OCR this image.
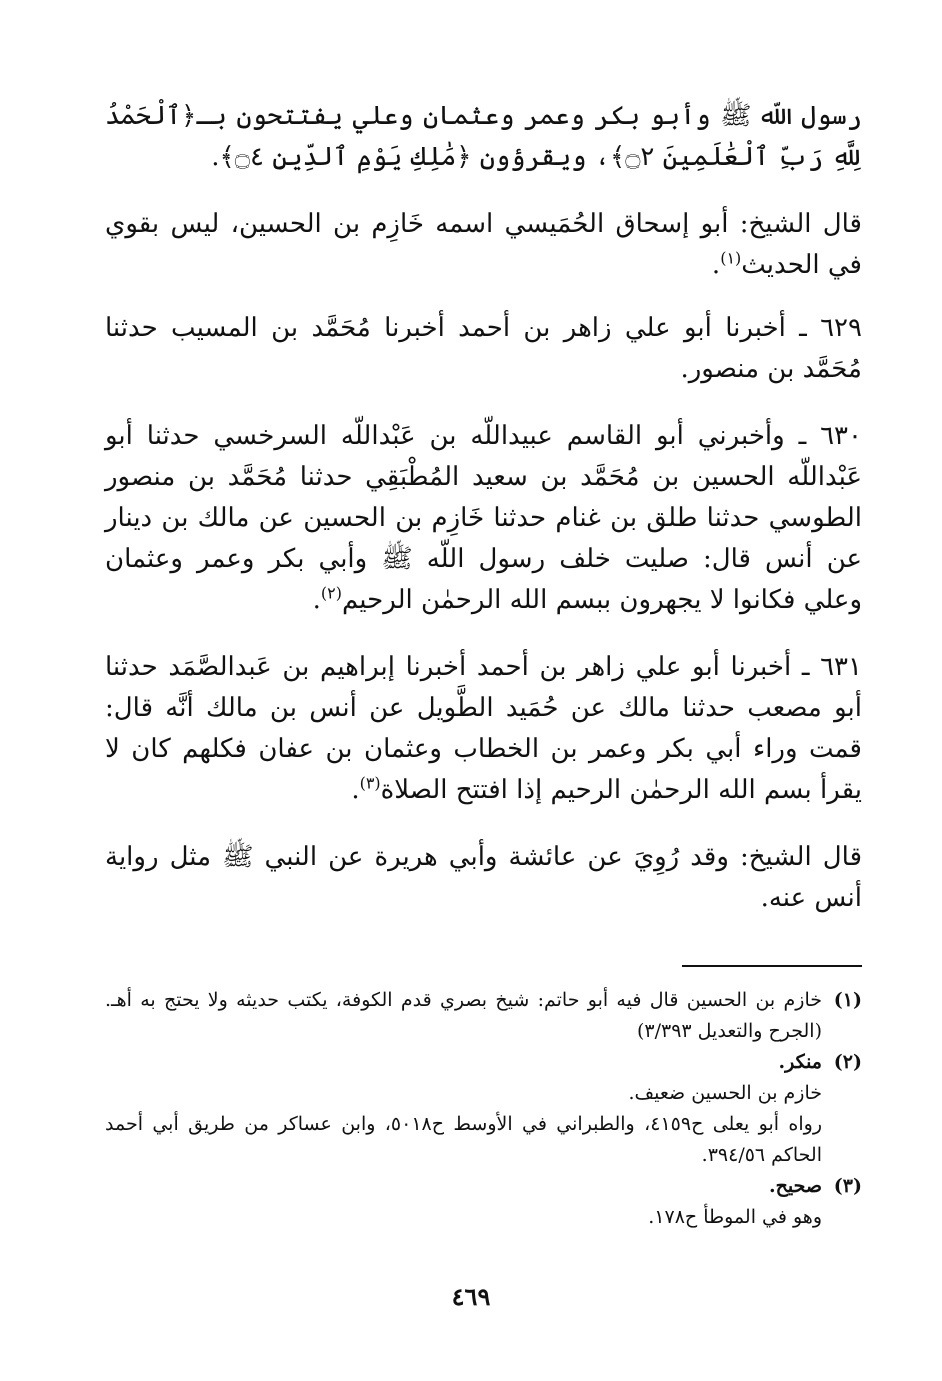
رسول اللّه ﷺ وأبو بكر وعمر وعثمان وعلي يفتتحون بـ﴿ٱلْحَمْدُ لِلَّهِ رَبِّ ٱلْعَٰلَمِينَ ۝٢﴾، ويقرؤون ﴿مَٰلِكِ يَوْمِ ٱلدِّينِ ۝٤﴾.

قال الشيخ: أبو إسحاق الحُمَيسي اسمه خَازِم بن الحسين، ليس بقوي في الحديث$^{(١)}$.

٦٢٩ ـ أخبرنا أبو علي زاهر بن أحمد أخبرنا مُحَمَّد بن المسيب حدثنا مُحَمَّد بن منصور.

٦٣٠ ـ وأخبرني أبو القاسم عبيداللّه بن عَبْداللّه السرخسي حدثنا أبو عَبْداللّه الحسين بن مُحَمَّد بن سعيد المُطْبَقِي حدثنا مُحَمَّد بن منصور الطوسي حدثنا طلق بن غنام حدثنا خَازِم بن الحسين عن مالك بن دينار عن أنس قال: صليت خلف رسول اللّه ﷺ وأبي بكر وعمر وعثمان وعلي فكانوا لا يجهرون ببسم الله الرحمٰن الرحيم$^{(٢)}$.

٦٣١ ـ أخبرنا أبو علي زاهر بن أحمد أخبرنا إبراهيم بن عَبدالصَّمَد حدثنا أبو مصعب حدثنا مالك عن حُمَيد الطَّويل عن أنس بن مالك أنَّه قال: قمت وراء أبي بكر وعمر بن الخطاب وعثمان بن عفان فكلهم كان لا يقرأ بسم الله الرحمٰن الرحيم إذا افتتح الصلاة$^{(٣)}$.

قال الشيخ: وقد رُوِيَ عن عائشة وأبي هريرة عن النبي ﷺ مثل رواية أنس عنه.

(١)
خازم بن الحسين قال فيه أبو حاتم: شيخ بصري قدم الكوفة، يكتب حديثه ولا يحتج به أهـ. (الجرح والتعديل ٣/٣٩٣)
(٢)
منكر.
خازم بن الحسين ضعيف.
رواه أبو يعلى ح٤١٥٩، والطبراني في الأوسط ح٥٠١٨، وابن عساكر من طريق أبي أحمد الحاكم ٣٩٤/٥٦.
(٣)
صحيح.
وهو في الموطأ ح١٧٨.
٤٦٩
